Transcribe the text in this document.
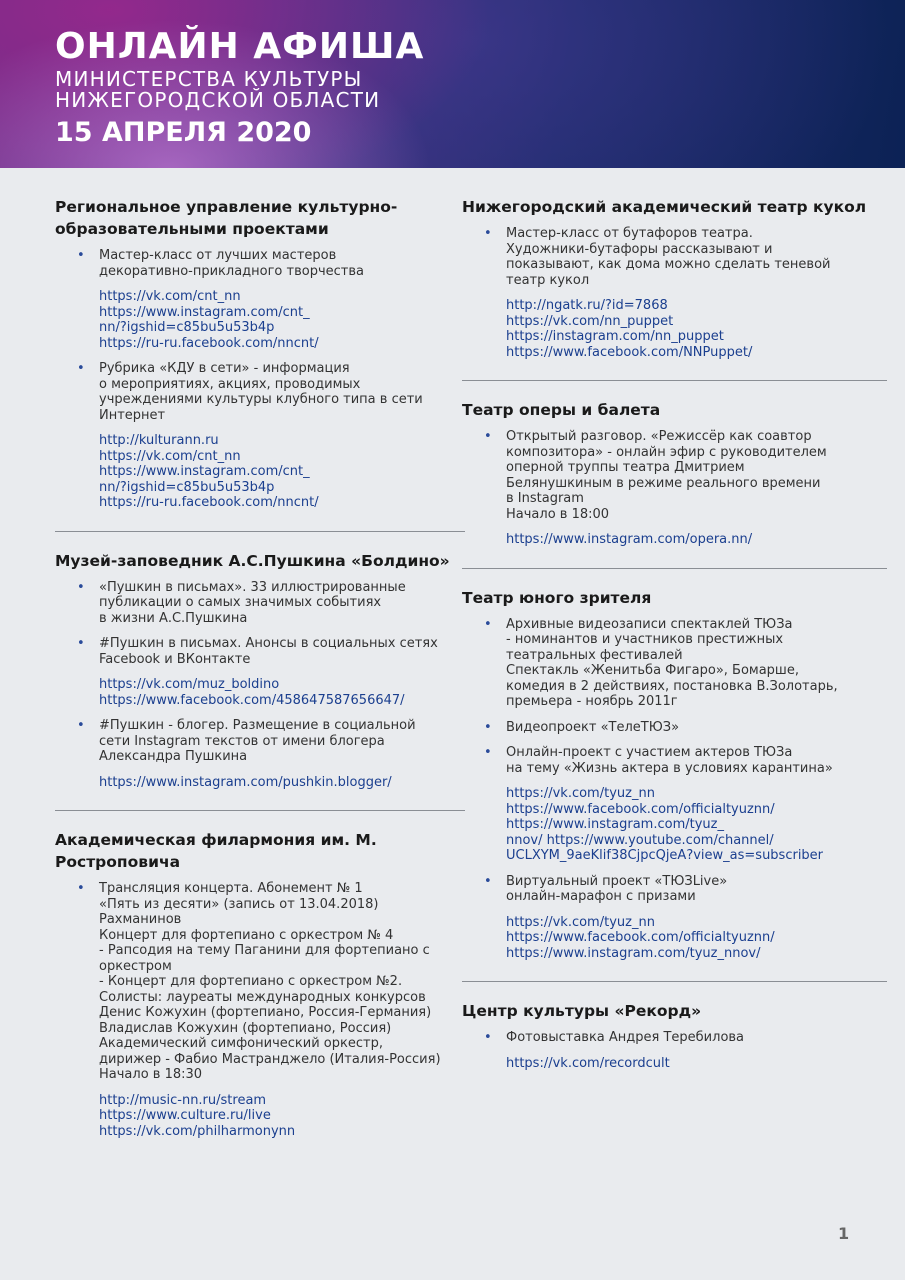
ОНЛАЙН АФИША
МИНИСТЕРСТВА КУЛЬТУРЫ
НИЖЕГОРОДСКОЙ ОБЛАСТИ
15 АПРЕЛЯ 2020
Региональное управление культурно- образовательными проектами
• Мастер-класс от лучших мастеров
декоративно-прикладного творчества
https://vk.com/cnt_nn
https://www.instagram.com/cnt_
nn/?igshid=c85bu5u53b4p
https://ru-ru.facebook.com/nncnt/
• Рубрика «КДУ в сети» - информация
о мероприятиях, акциях, проводимых
учреждениями культуры клубного типа в сети
Интернет
http://kulturann.ru
https://vk.com/cnt_nn
https://www.instagram.com/cnt_
nn/?igshid=c85bu5u53b4p
https://ru-ru.facebook.com/nncnt/
Музей-заповедник А.С.Пушкина «Болдино»
• «Пушкин в письмах». 33 иллюстрированные
публикации о самых значимых событиях
в жизни А.С.Пушкина
• #Пушкин в письмах. Анонсы в социальных сетях
Facebook и ВКонтакте
https://vk.com/muz_boldino
https://www.facebook.com/458647587656647/
• #Пушкин - блогер. Размещение в социальной
сети Instagram текстов от имени блогера
Александра Пушкина
https://www.instagram.com/pushkin.blogger/
Академическая филармония им. М. Ростроповича
• Трансляция концерта. Абонемент № 1
«Пять из десяти» (запись от 13.04.2018)
Рахманинов
Концерт для фортепиано с оркестром № 4
- Рапсодия на тему Паганини для фортепиано с
оркестром
- Концерт для фортепиано с оркестром №2.
Солисты: лауреаты международных конкурсов
Денис Кожухин (фортепиано, Россия-Германия)
Владислав Кожухин (фортепиано, Россия)
Академический симфонический оркестр,
дирижер - Фабио Мастранджело (Италия-Россия)
Начало в 18:30
http://music-nn.ru/stream
https://www.culture.ru/live
https://vk.com/philharmonynn
Нижегородский академический театр кукол
• Мастер-класс от бутафоров театра.
Художники-бутафоры рассказывают и
показывают, как дома можно сделать теневой
театр кукол
http://ngatk.ru/?id=7868
https://vk.com/nn_puppet
https://instagram.com/nn_puppet
https://www.facebook.com/NNPuppet/
Театр оперы и балета
• Открытый разговор. «Режиссёр как соавтор
композитора» - онлайн эфир с руководителем
оперной труппы театра Дмитрием
Белянушкиным в режиме реального времени
в Instagram
Начало в 18:00
https://www.instagram.com/opera.nn/
Театр юного зрителя
• Архивные видеозаписи спектаклей ТЮЗа
- номинантов и участников престижных
театральных фестивалей
Спектакль «Женитьба Фигаро», Бомарше,
комедия в 2 действиях, постановка В.Золотарь,
премьера - ноябрь 2011г
• Видеопроект «ТелеТЮЗ»
• Онлайн-проект с участием актеров ТЮЗа
на тему «Жизнь актера в условиях карантина»
https://vk.com/tyuz_nn
https://www.facebook.com/officialtyuznn/
https://www.instagram.com/tyuz_
nnov/ https://www.youtube.com/channel/
UCLXYM_9aeKlif38CjpcQjeA?view_as=subscriber
• Виртуальный проект «ТЮЗLive»
онлайн-марафон с призами
https://vk.com/tyuz_nn
https://www.facebook.com/officialtyuznn/
https://www.instagram.com/tyuz_nnov/
Центр культуры «Рекорд»
• Фотовыставка Андрея Теребилова
https://vk.com/recordcult
1
